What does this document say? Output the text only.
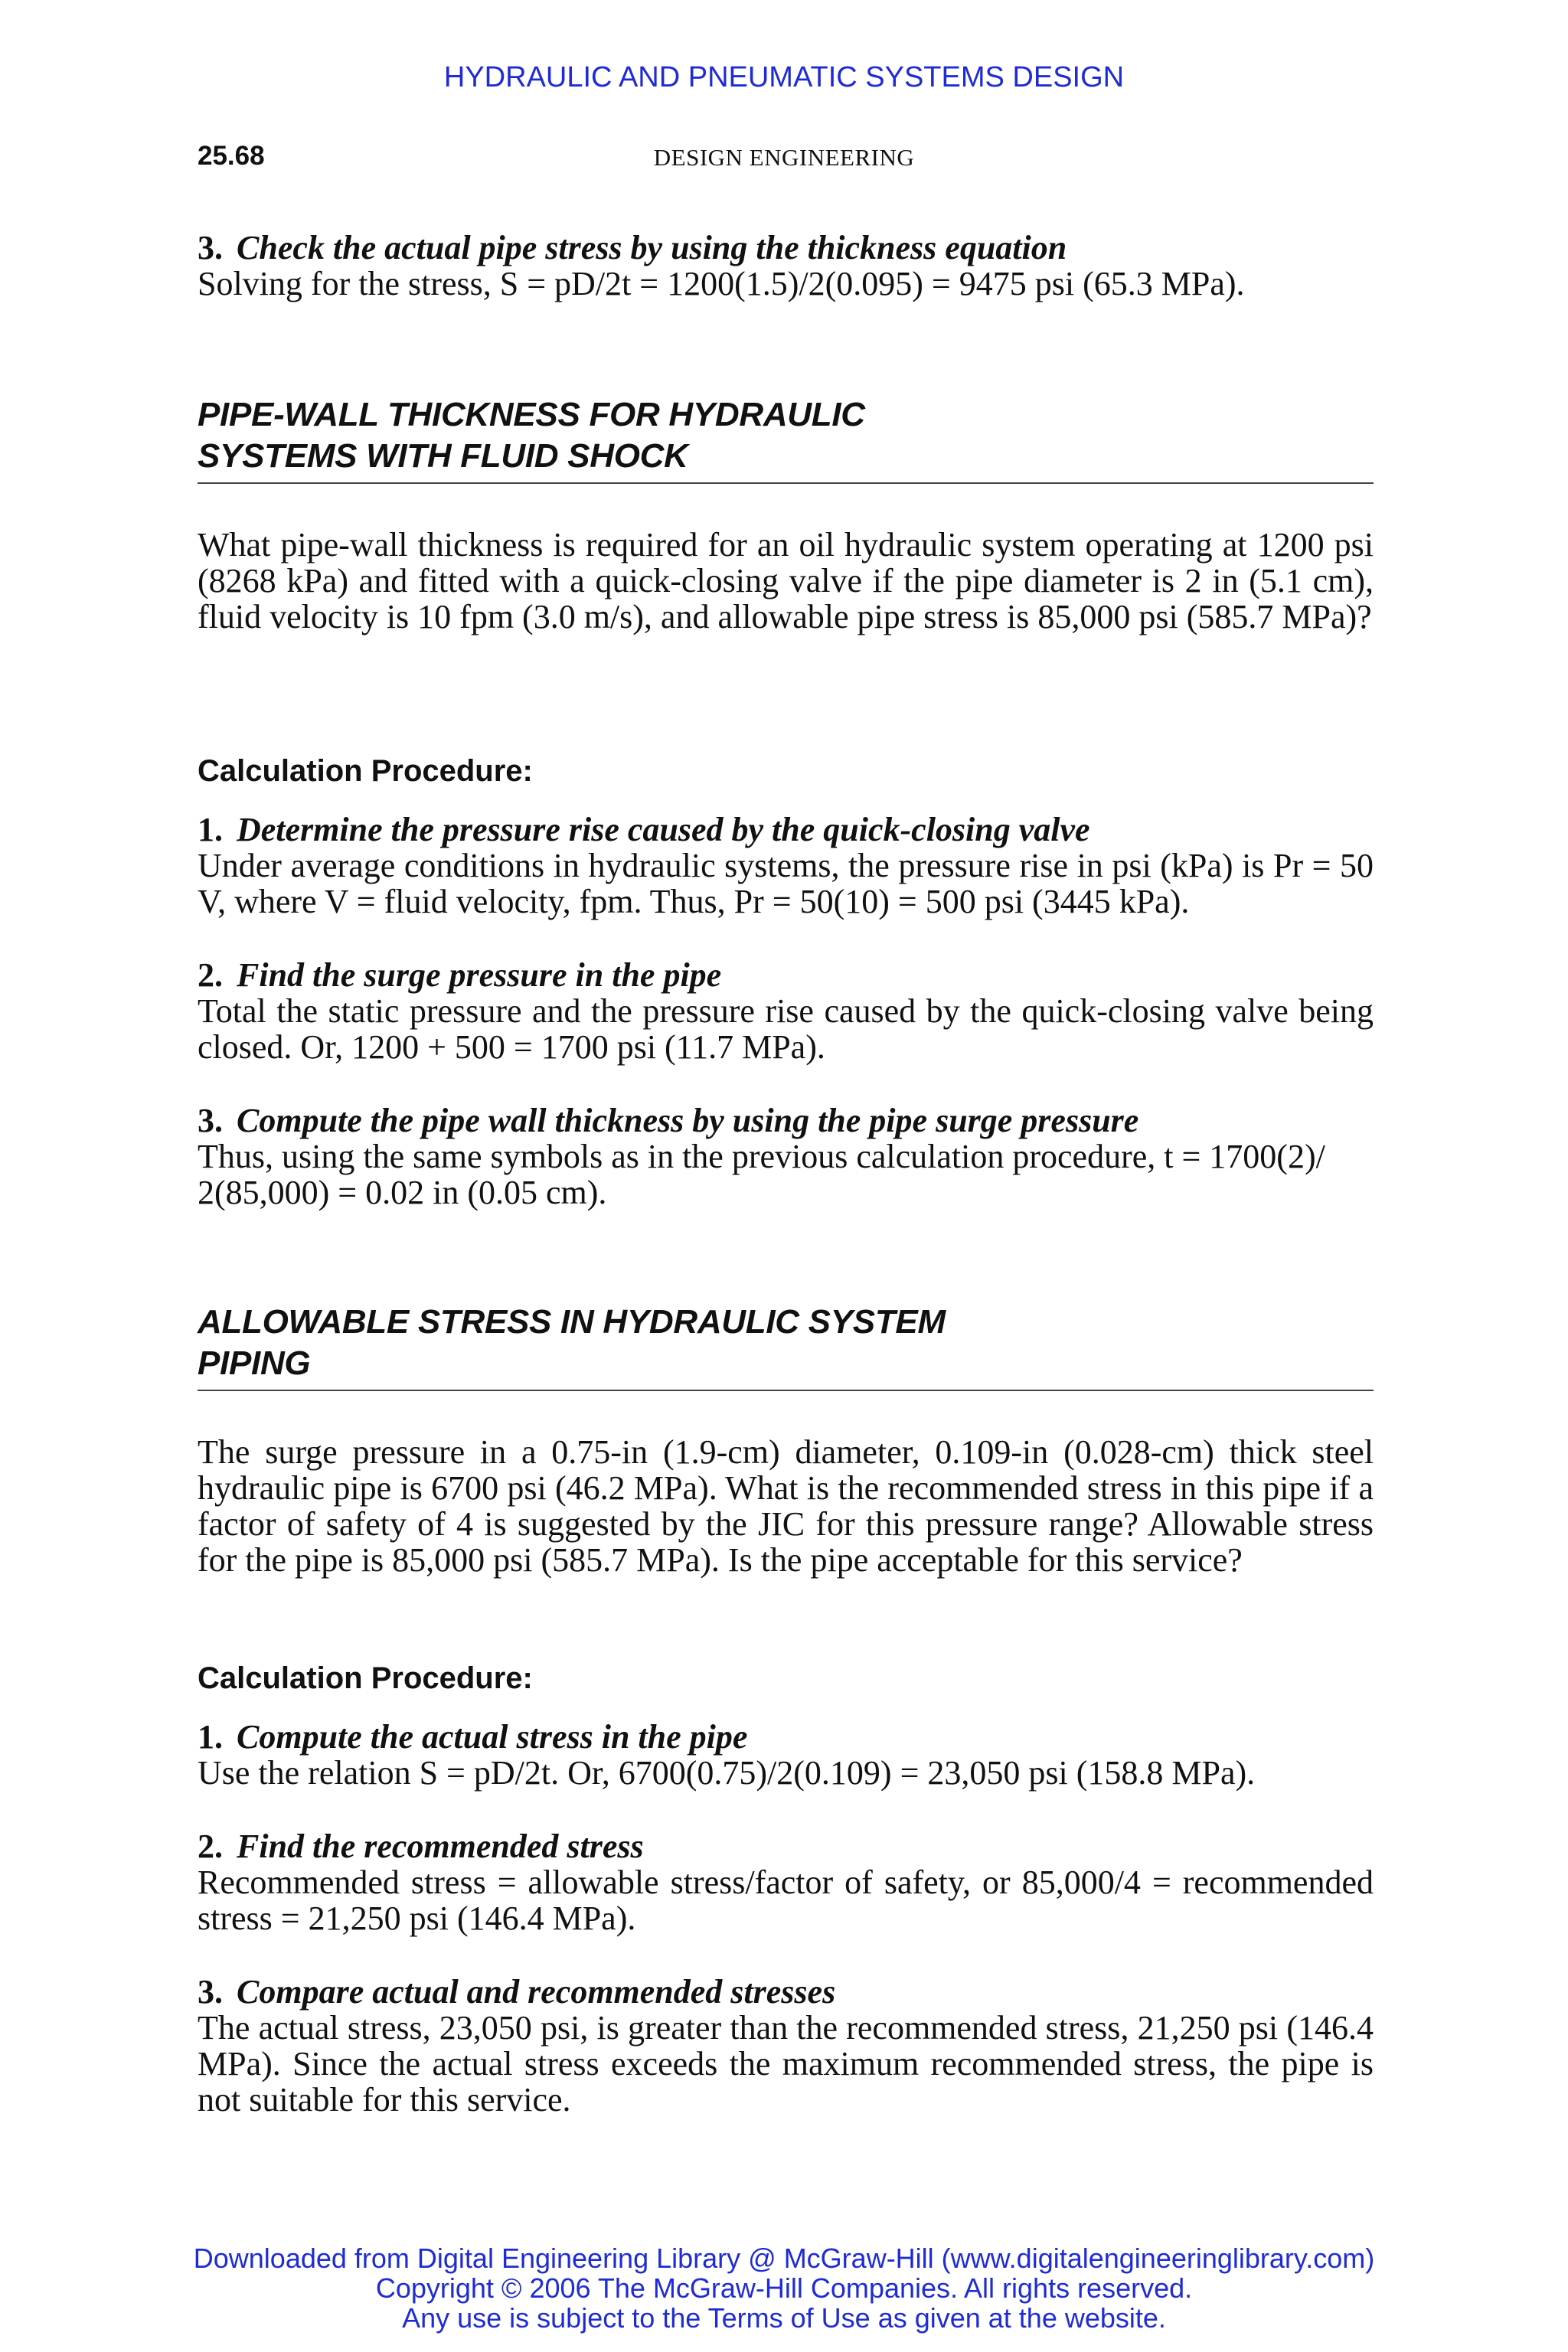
HYDRAULIC AND PNEUMATIC SYSTEMS DESIGN
25.68	DESIGN ENGINEERING

3. Check the actual pipe stress by using the thickness equation

Solving for the stress, S = pD/2t = 1200(1.5)/2(0.095) = 9475 psi (65.3 MPa).

PIPE-WALL THICKNESS FOR HYDRAULIC

SYSTEMS WITH FLUID SHOCK

What pipe-wall thickness is required for an oil hydraulic system operating at 1200 psi (8268 kPa) and fitted with a quick-closing valve if the pipe diameter is 2 in (5.1 cm), fluid velocity is 10 fpm (3.0 m/s), and allowable pipe stress is 85,000 psi (585.7 MPa)?

Calculation Procedure:

1. Determine the pressure rise caused by the quick-closing valve

Under average conditions in hydraulic systems, the pressure rise in psi (kPa) is Pr = 50 V, where V = fluid velocity, fpm. Thus, Pr = 50(10) = 500 psi (3445 kPa).

2. Find the surge pressure in the pipe

Total the static pressure and the pressure rise caused by the quick-closing valve being closed. Or, 1200 + 500 = 1700 psi (11.7 MPa).

3. Compute the pipe wall thickness by using the pipe surge pressure

Thus, using the same symbols as in the previous calculation procedure, t = 1700(2)/

2(85,000) = 0.02 in (0.05 cm).

ALLOWABLE STRESS IN HYDRAULIC SYSTEM

PIPING

The surge pressure in a 0.75-in (1.9-cm) diameter, 0.109-in (0.028-cm) thick steel hydraulic pipe is 6700 psi (46.2 MPa). What is the recommended stress in this pipe if a factor of safety of 4 is suggested by the JIC for this pressure range? Allowable stress for the pipe is 85,000 psi (585.7 MPa). Is the pipe acceptable for this service?

Calculation Procedure:

1. Compute the actual stress in the pipe

Use the relation S = pD/2t. Or, 6700(0.75)/2(0.109) = 23,050 psi (158.8 MPa).

2. Find the recommended stress

Recommended stress = allowable stress/factor of safety, or 85,000/4 = recommended stress = 21,250 psi (146.4 MPa).

3. Compare actual and recommended stresses

The actual stress, 23,050 psi, is greater than the recommended stress, 21,250 psi (146.4 MPa). Since the actual stress exceeds the maximum recommended stress, the pipe is not suitable for this service.

Downloaded from Digital Engineering Library @ McGraw-Hill (www.digitalengineeringlibrary.com)
Copyright © 2006 The McGraw-Hill Companies. All rights reserved.
Any use is subject to the Terms of Use as given at the website.
